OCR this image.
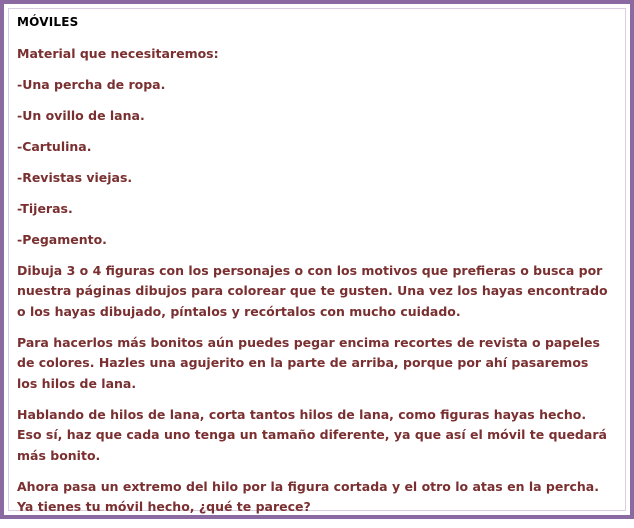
MÓVILES
Material que necesitaremos:
-Una percha de ropa.
-Un ovillo de lana.
-Cartulina.
-Revistas viejas.
-Tijeras.
-Pegamento.
Dibuja 3 o 4 figuras con los personajes o con los motivos que prefieras o busca por nuestra páginas dibujos para colorear que te gusten. Una vez los hayas encontrado o los hayas dibujado, píntalos y recórtalos con mucho cuidado.
Para hacerlos más bonitos aún puedes pegar encima recortes de revista o papeles de colores. Hazles una agujerito en la parte de arriba, porque por ahí pasaremos los hilos de lana.
Hablando de hilos de lana, corta tantos hilos de lana, como figuras hayas hecho. Eso sí, haz que cada uno tenga un tamaño diferente, ya que así el móvil te quedará más bonito.
Ahora pasa un extremo del hilo por la figura cortada y el otro lo atas en la percha. Ya tienes tu móvil hecho, ¿qué te parece?
